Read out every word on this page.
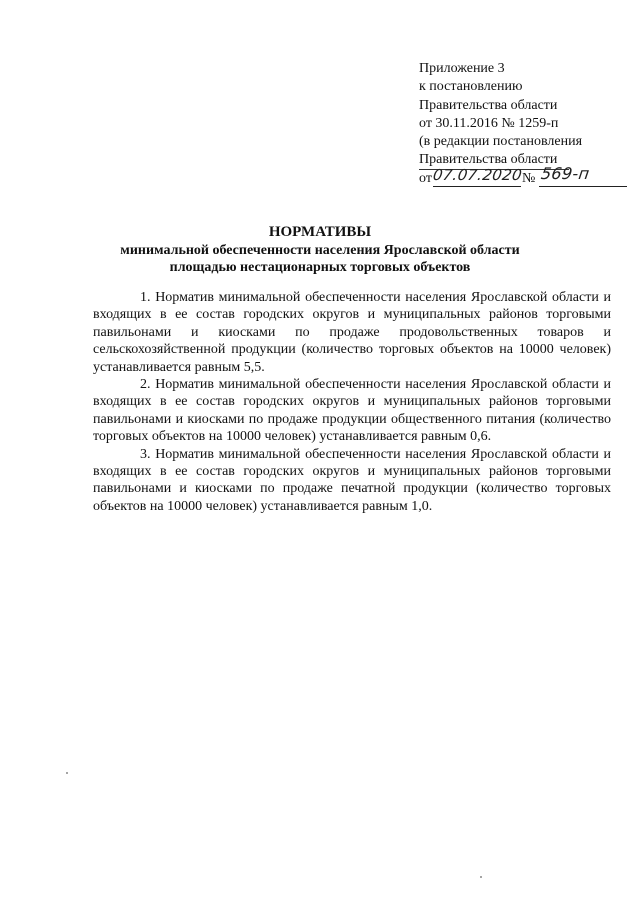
Приложение 3
к постановлению
Правительства области
от 30.11.2016 № 1259-п
(в редакции постановления
Правительства области
от 07.07.2020
№ 569-п
НОРМАТИВЫ
минимальной обеспеченности населения Ярославской области
площадью нестационарных торговых объектов

1. Норматив минимальной обеспеченности населения Ярославской области и входящих в ее состав городских округов и муниципальных районов торговыми павильонами и киосками по продаже продовольственных товаров и сельскохозяйственной продукции (количество торговых объектов на 10000 человек) устанавливается равным 5,5.

2. Норматив минимальной обеспеченности населения Ярославской области и входящих в ее состав городских округов и муниципальных районов торговыми павильонами и киосками по продаже продукции общественного питания (количество торговых объектов на 10000 человек) устанавливается равным 0,6.

3. Норматив минимальной обеспеченности населения Ярославской области и входящих в ее состав городских округов и муниципальных районов торговыми павильонами и киосками по продаже печатной продукции (количество торговых объектов на 10000 человек) устанавливается равным 1,0.
